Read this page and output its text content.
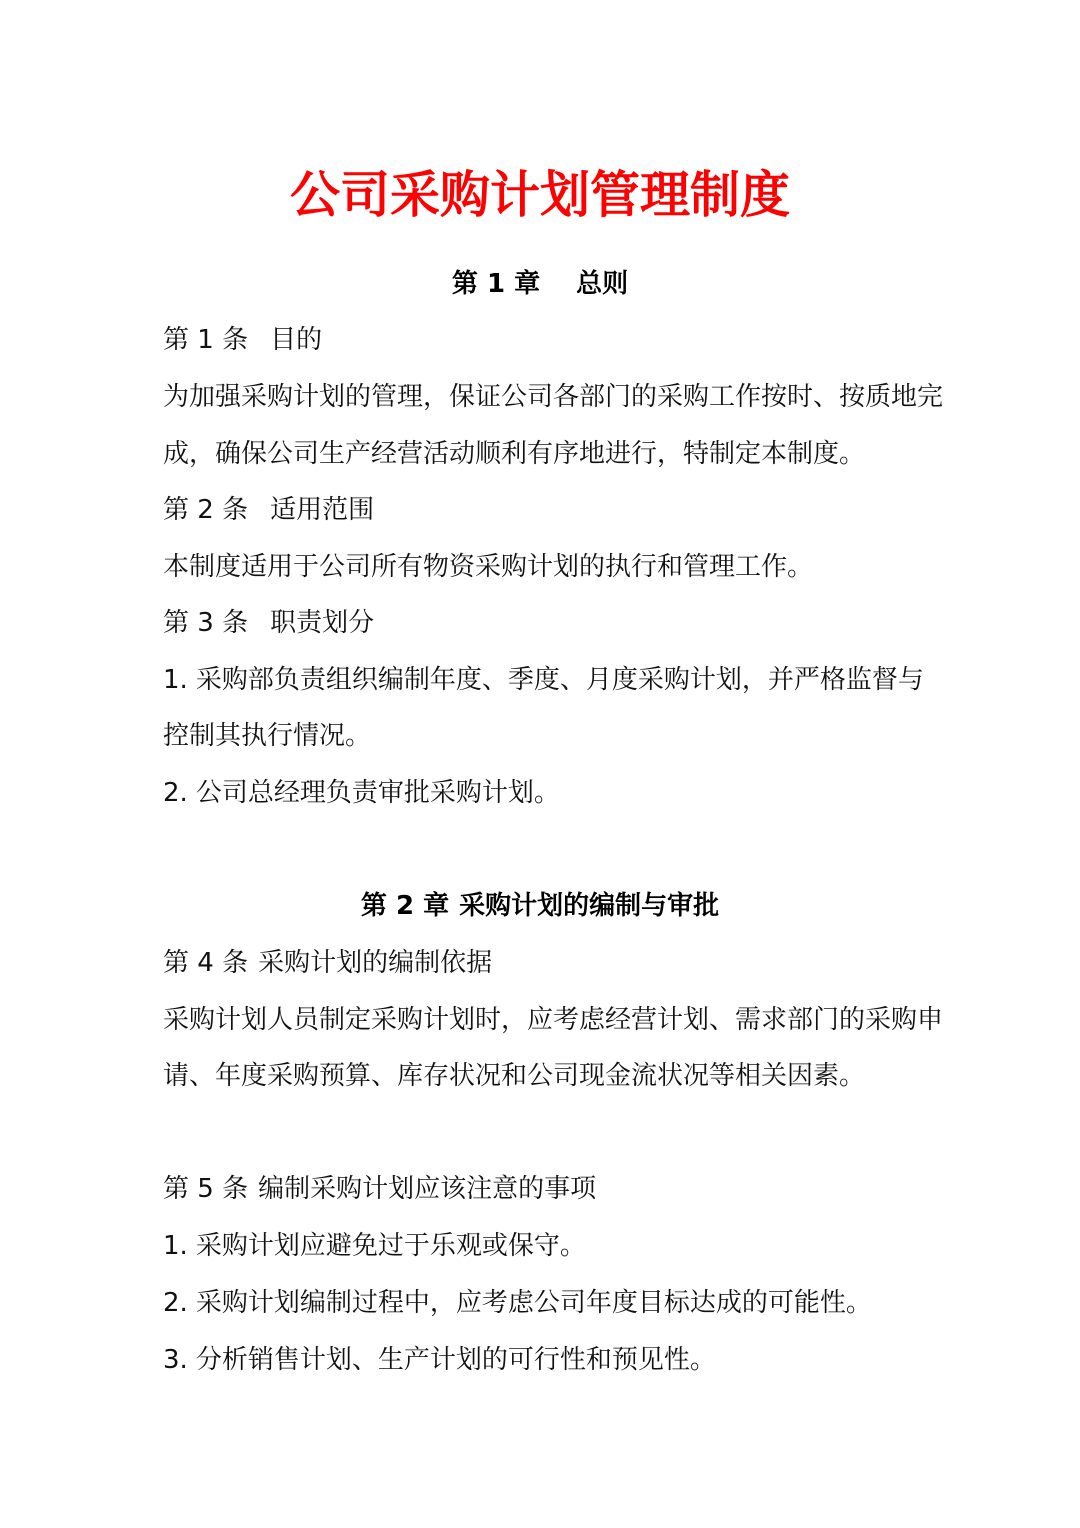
公司采购计划管理制度
第 1 章 总则
第 1 条 目的
为加强采购计划的管理，保证公司各部门的采购工作按时、按质地完
成，确保公司生产经营活动顺利有序地进行，特制定本制度。
第 2 条 适用范围
本制度适用于公司所有物资采购计划的执行和管理工作。
第 3 条 职责划分
1. 采购部负责组织编制年度、季度、月度采购计划，并严格监督与
控制其执行情况。
2. 公司总经理负责审批采购计划。
第 2 章 采购计划的编制与审批
第 4 条 采购计划的编制依据
采购计划人员制定采购计划时，应考虑经营计划、需求部门的采购申
请、年度采购预算、库存状况和公司现金流状况等相关因素。
第 5 条 编制采购计划应该注意的事项
1. 采购计划应避免过于乐观或保守。
2. 采购计划编制过程中，应考虑公司年度目标达成的可能性。
3. 分析销售计划、生产计划的可行性和预见性。
